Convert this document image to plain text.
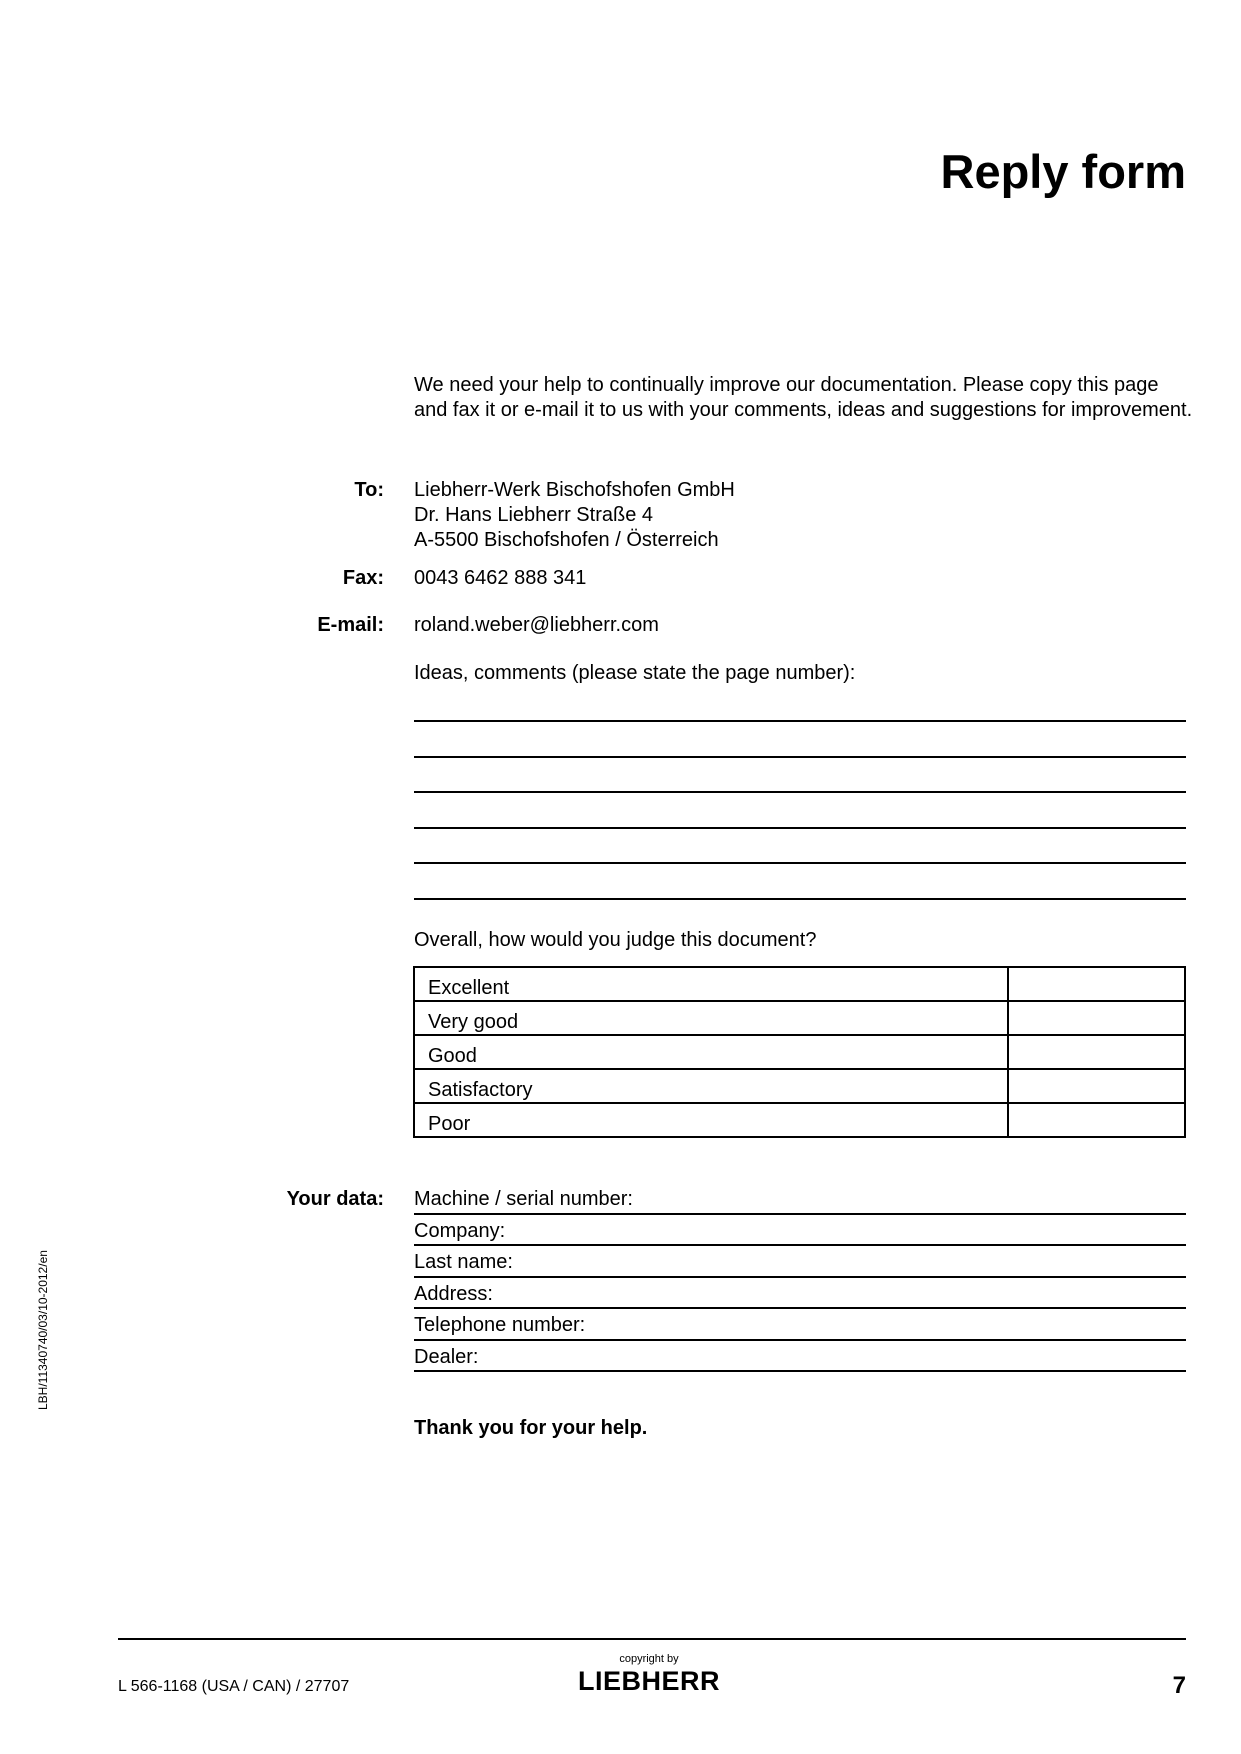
Reply form
We need your help to continually improve our documentation. Please copy this page and fax it or e-mail it to us with your comments, ideas and suggestions for improvement.
To: Liebherr-Werk Bischofshofen GmbH
Dr. Hans Liebherr Straße 4
A-5500 Bischofshofen / Österreich
Fax: 0043 6462 888 341
E-mail: roland.weber@liebherr.com
Ideas, comments (please state the page number):
Overall, how would you judge this document?
Excellent	
Very good	
Good	
Satisfactory	
Poor	
Your data: Machine / serial number:
Company:
Last name:
Address:
Telephone number:
Dealer:
Thank you for your help.
LBH/11340740/03/10-2012/en
L 566-1168 (USA / CAN) / 27707
copyright by
LIEBHERR	7
